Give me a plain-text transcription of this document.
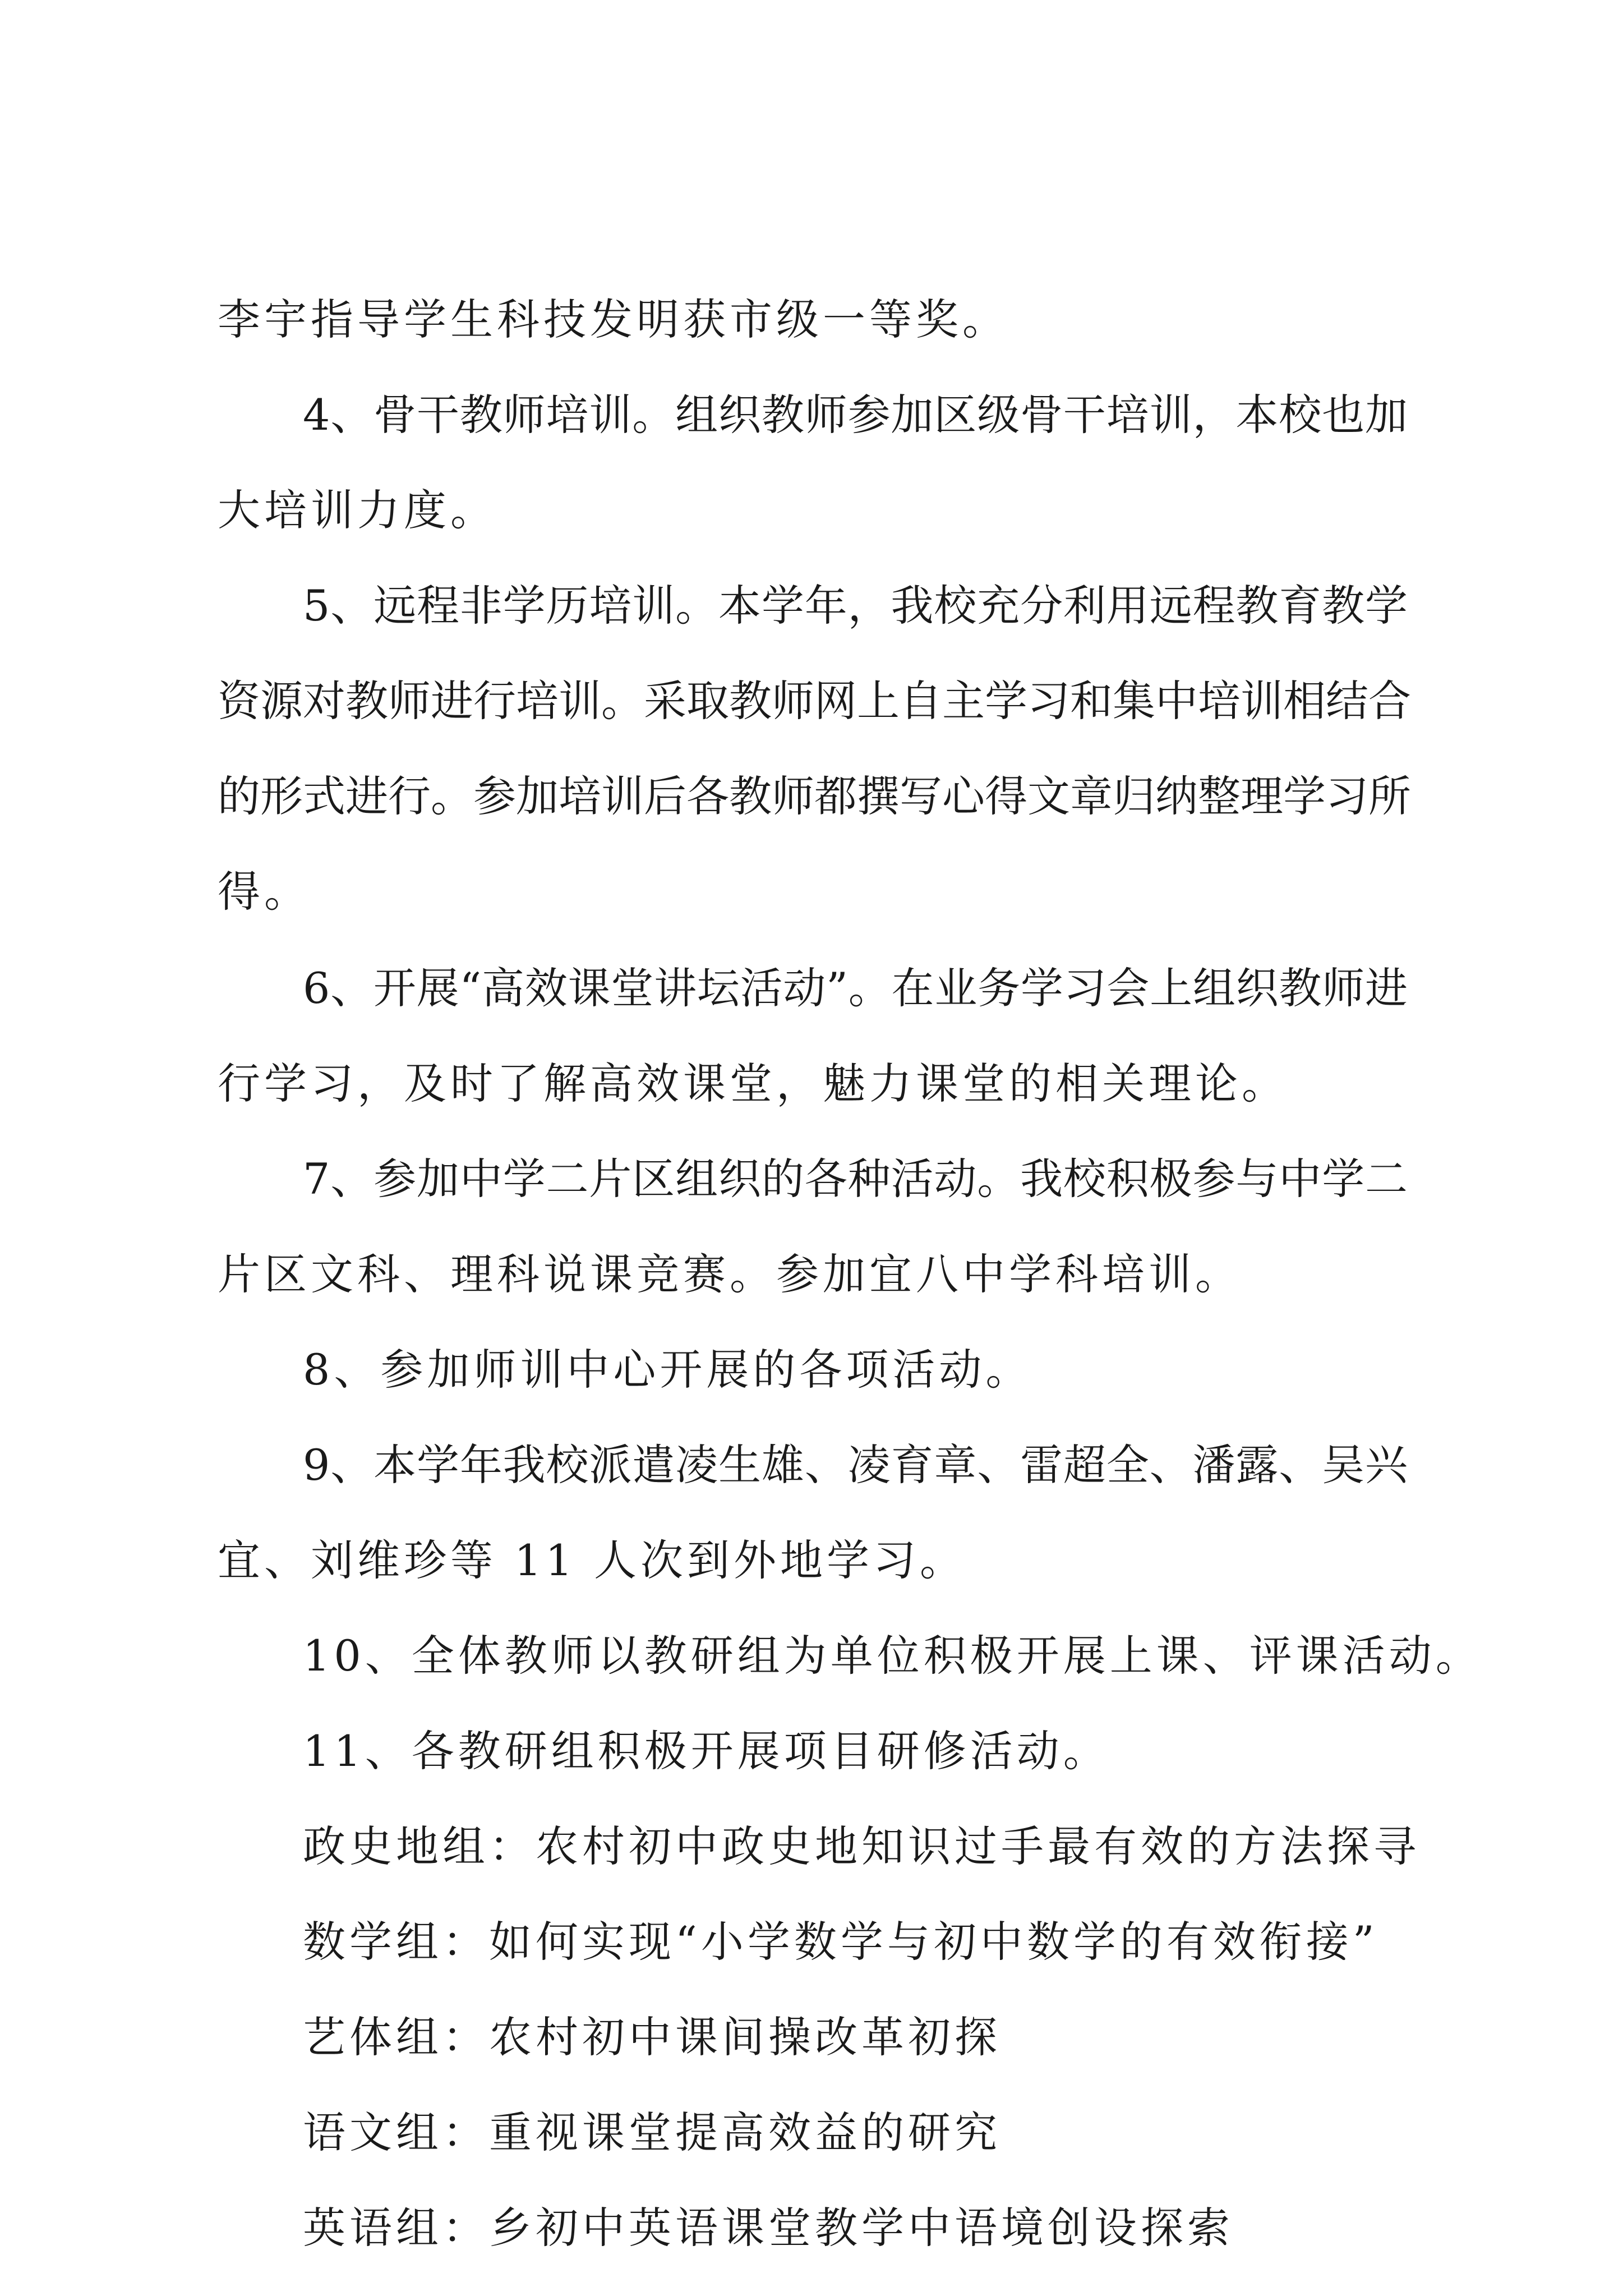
李宇指导学生科技发明获市级一等奖。
4、骨干教师培训。组织教师参加区级骨干培训，本校也加
大培训力度。
5、远程非学历培训。本学年，我校充分利用远程教育教学
资源对教师进行培训。采取教师网上自主学习和集中培训相结合
的形式进行。参加培训后各教师都撰写心得文章归纳整理学习所
得。
6、开展“高效课堂讲坛活动”。在业务学习会上组织教师进
行学习，及时了解高效课堂，魅力课堂的相关理论。
7、参加中学二片区组织的各种活动。我校积极参与中学二
片区文科、理科说课竞赛。参加宜八中学科培训。
8、参加师训中心开展的各项活动。
9、本学年我校派遣凌生雄、凌育章、雷超全、潘露、吴兴
宜、刘维珍等 11 人次到外地学习。
10、全体教师以教研组为单位积极开展上课、评课活动。
11、各教研组积极开展项目研修活动。
政史地组：农村初中政史地知识过手最有效的方法探寻
数学组：如何实现“小学数学与初中数学的有效衔接”
艺体组：农村初中课间操改革初探
语文组：重视课堂提高效益的研究
英语组：乡初中英语课堂教学中语境创设探索
